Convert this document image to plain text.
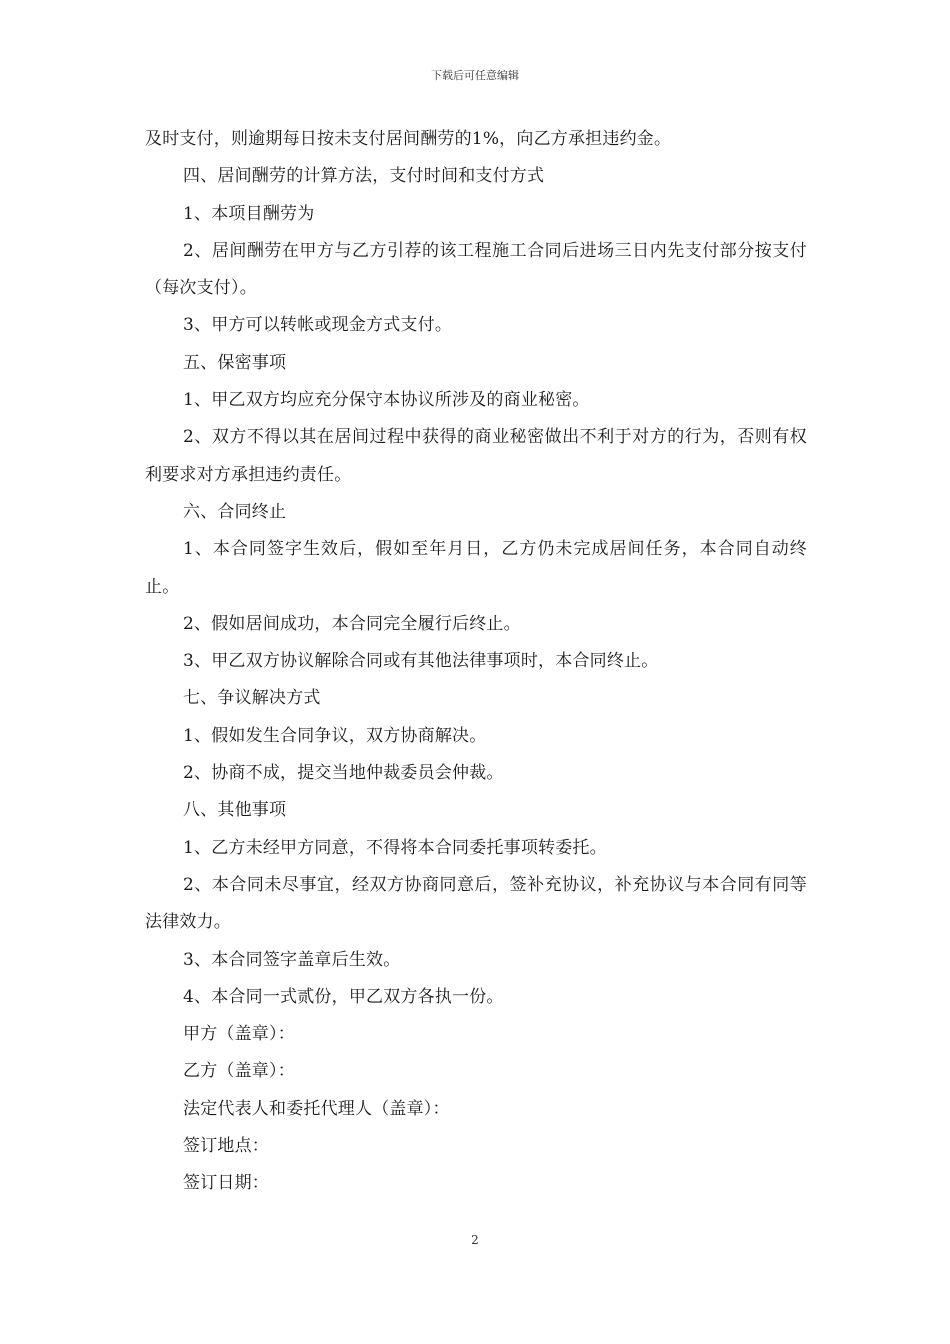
下载后可任意编辑

及时支付，则逾期每日按未支付居间酬劳的1%，向乙方承担违约金。

四、居间酬劳的计算方法，支付时间和支付方式

1、本项目酬劳为

2、居间酬劳在甲方与乙方引荐的该工程施工合同后进场三日内先支付部分按支付（每次支付）。

3、甲方可以转帐或现金方式支付。

五、保密事项

1、甲乙双方均应充分保守本协议所涉及的商业秘密。

2、双方不得以其在居间过程中获得的商业秘密做出不利于对方的行为，否则有权利要求对方承担违约责任。

六、合同终止

1、本合同签字生效后，假如至年月日，乙方仍未完成居间任务，本合同自动终止。

2、假如居间成功，本合同完全履行后终止。

3、甲乙双方协议解除合同或有其他法律事项时，本合同终止。

七、争议解决方式

1、假如发生合同争议，双方协商解决。

2、协商不成，提交当地仲裁委员会仲裁。

八、其他事项

1、乙方未经甲方同意，不得将本合同委托事项转委托。

2、本合同未尽事宜，经双方协商同意后，签补充协议，补充协议与本合同有同等法律效力。

3、本合同签字盖章后生效。

4、本合同一式贰份，甲乙双方各执一份。

甲方（盖章）：

乙方（盖章）：

法定代表人和委托代理人（盖章）：

签订地点：

签订日期：

2
